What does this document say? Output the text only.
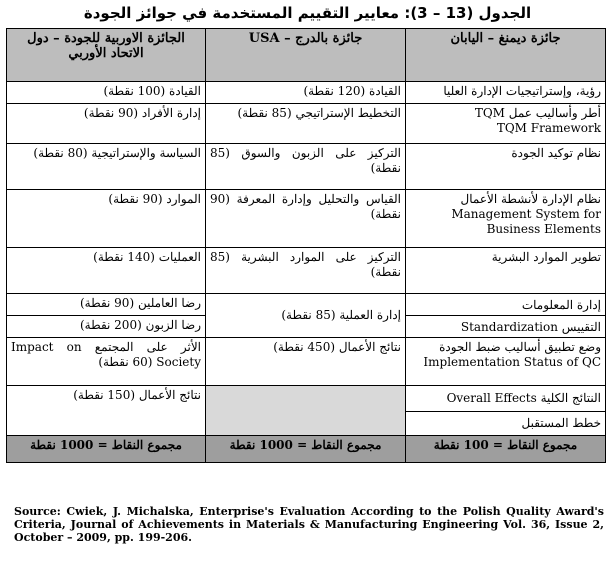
الجدول (13 – 3): معايير التقييم المستخدمة في جوائز الجودة
الجائزة الاوربية للجودة – دول الاتحاد الأوربي	جائزة بالدرج – USA	جائزة ديمنغ – اليابان
القيادة (100 نقطة)	القيادة (120 نقطة)	رؤية، وإستراتيجيات الإدارة العليا
إدارة الأفراد (90 نقطة)	التخطيط الإستراتيجي (85 نقطة)	أطر وأساليب عمل TQM
TQM Framework

السياسة والإستراتيجية (80 نقطة)	التركيز على الزبون والسوق (85 نقطة)	نظام توكيد الجودة
الموارد (90 نقطة)	القياس والتحليل وإدارة المعرفة (90 نقطة)	نظام الإدارة لأنشطة الأعمال
Management System for Business Elements

العمليات (140 نقطة)	التركيز على الموارد البشرية (85 نقطة)	تطوير الموارد البشرية
رضا العاملين (90 نقطة)	إدارة العملية (85 نقطة)	إدارة المعلومات
رضا الزبون (200 نقطة)		التقييس Standardization
الأثر على المجتمع Impact on Society (60 نقطة)	نتائج الأعمال (450 نقطة)	وضع تطبيق أساليب ضبط الجودة
Implementation Status of QC

نتائج الأعمال (150 نقطة)		النتائج الكلية Overall Effects
		خطط المستقبل
مجموع النقاط = 1000 نقطة	مجموع النقاط = 1000 نقطة	مجموع النقاط = 100 نقطة
Source: Cwiek, J. Michalska, Enterprise's Evaluation According to the Polish Quality Award's Criteria, Journal of Achievements in Materials & Manufacturing Engineering Vol. 36, Issue 2, October – 2009, pp. 199-206.
